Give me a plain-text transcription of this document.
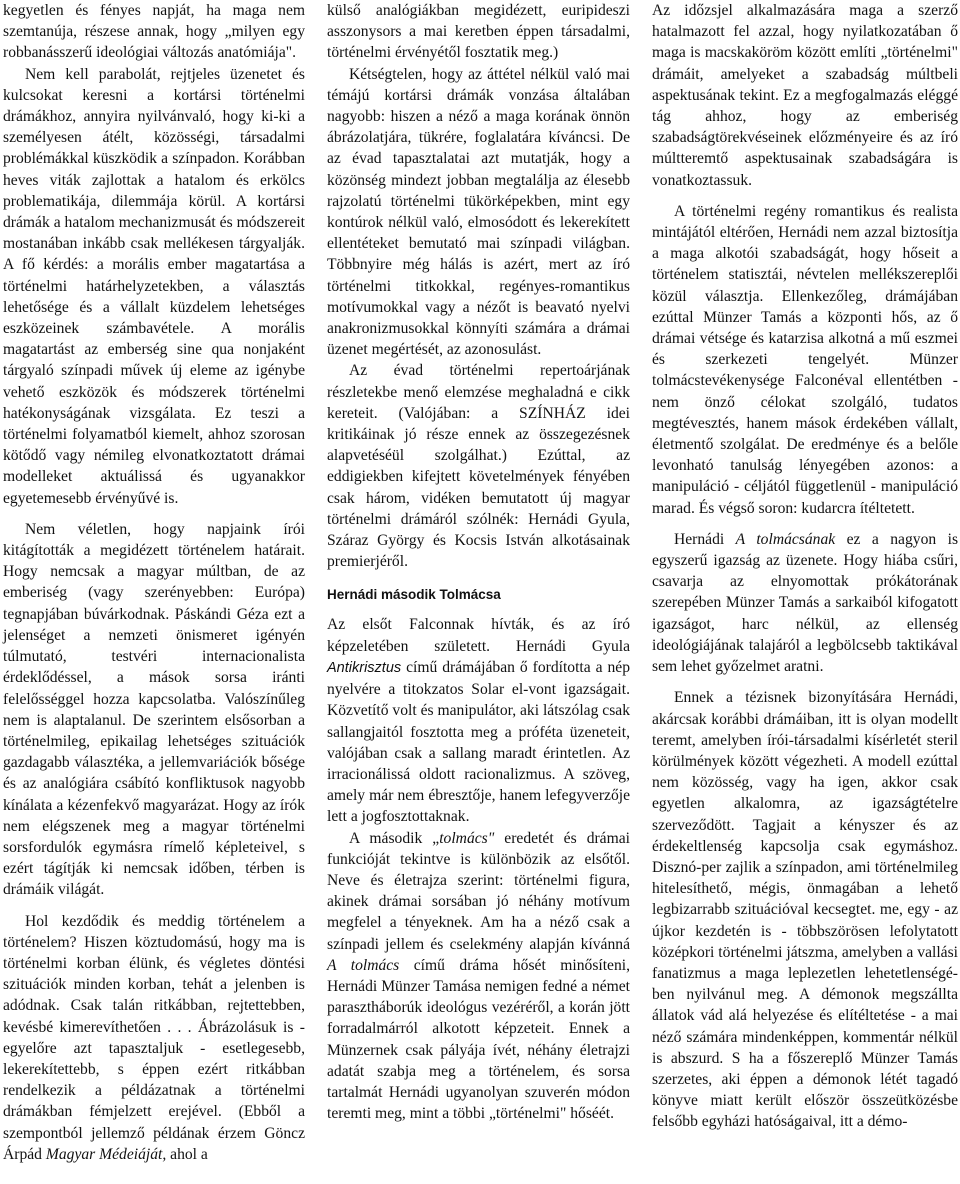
kegyetlen és fényes napját, ha maga nem szemtanúja, részese annak, hogy „milyen egy robbanásszerű ideológiai változás anatómiája".

Nem kell parabolát, rejtjeles üzenetet és kulcsokat keresni a kortársi történelmi drámákhoz, annyira nyilvánvaló, hogy ki-ki a személyesen átélt, közösségi, társadalmi problémákkal küszködik a színpadon. Korábban heves viták zajlottak a hatalom és erkölcs problematikája, dilemmája körül. A kortársi drámák a hatalom mechanizmusát és módszereit mostanában inkább csak mellékesen tárgyalják. A fő kérdés: a morális ember magatartása a történelmi határhelyzetekben, a választás lehetősége és a vállalt küzdelem lehetséges eszközeinek számbavétele. A morális magatartást az emberség sine qua nonjaként tárgyaló színpadi művek új eleme az igénybe vehető eszközök és módszerek történelmi hatékonyságának vizsgálata. Ez teszi a történelmi folyamatból kiemelt, ahhoz szorosan kötődő vagy némileg elvonatkoztatott drámai modelleket aktuálissá és ugyanakkor egyetemesebb érvényűvé is.

Nem véletlen, hogy napjaink írói kitágították a megidézett történelem határait. Hogy nemcsak a magyar múltban, de az emberiség (vagy szerényebben: Európa) tegnapjában búvárkodnak. Páskándi Géza ezt a jelenséget a nemzeti önismeret igényén túlmutató, testvéri internacionalista érdeklődéssel, a mások sorsa iránti felelősséggel hozza kapcsolatba. Valószínűleg nem is alaptalanul. De szerintem elsősorban a történelmileg, epikailag lehetséges szituációk gazdagabb választéka, a jellemvariációk bősége és az analógiára csábító konfliktusok nagyobb kínálata a kézenfekvő magyarázat. Hogy az írók nem elégszenek meg a magyar történelmi sorsfordulók egymásra rímelő képleteivel, s ezért tágítják ki nemcsak időben, térben is drámáik világát.

Hol kezdődik és meddig történelem a történelem? Hiszen köztudomású, hogy ma is történelmi korban élünk, és végletes döntési szituációk minden korban, tehát a jelenben is adódnak. Csak talán ritkábban, rejtettebben, kevésbé kimerevíthetően . . . Ábrázolásuk is - egyelőre azt tapasztaljuk - esetlegesebb, lekerekítettebb, s éppen ezért ritkábban rendelkezik a példázatnak a történelmi drámákban fémjelzett erejével. (Ebből a szempontból jellemző példának érzem Göncz Árpád Magyar Médeiáját, ahol a

külső analógiákban megidézett, euripideszi asszonysors a mai keretben éppen társadalmi, történelmi érvényétől fosztatik meg.)

Kétségtelen, hogy az áttétel nélkül való mai témájú kortársi drámák vonzása általában nagyobb: hiszen a néző a maga korának önnön ábrázolatjára, tükrére, foglalatára kíváncsi. De az évad tapasztalatai azt mutatják, hogy a közönség mindezt jobban megtalálja az élesebb rajzolatú történelmi tükörképekben, mint egy kontúrok nélkül való, elmosódott és lekerekített ellentéteket bemutató mai színpadi világban. Többnyire még hálás is azért, mert az író történelmi titkokkal, regényes-romantikus motívumokkal vagy a nézőt is beavató nyelvi anakronizmusokkal könnyíti számára a drámai üzenet megértését, az azonosulást.

Az évad történelmi repertoárjának részletekbe menő elemzése meghaladná e cikk kereteit. (Valójában: a SZÍNHÁZ idei kritikáinak jó része ennek az összegezésnek alapvetéséül szolgálhat.) Ezúttal, az eddigiekben kifejtett követelmények fényében csak három, vidéken bemutatott új magyar történelmi drámáról szólnék: Hernádi Gyula, Száraz György és Kocsis István alkotásainak premierjéről.

Hernádi második Tolmácsa

Az elsőt Falconnak hívták, és az író képzeletében született. Hernádi Gyula Antikrisztus című drámájában ő fordította a nép nyelvére a titokzatos Solar el-vont igazságait. Közvetítő volt és manipulátor, aki látszólag csak sallangjaitól fosztotta meg a próféta üzeneteit, valójában csak a sallang maradt érintetlen. Az irracionálissá oldott racionalizmus. A szöveg, amely már nem ébresztője, hanem lefegyverzője lett a jogfosztottaknak.

A második „tolmács" eredetét és drámai funkcióját tekintve is különbözik az elsőtől. Neve és életrajza szerint: történelmi figura, akinek drámai sorsában jó néhány motívum megfelel a tényeknek. Am ha a néző csak a színpadi jellem és cselekmény alapján kívánná A tolmács című dráma hősét minősíteni, Hernádi Münzer Tamása nemigen fedné a német parasztháborúk ideológus vezéréről, a korán jött forradalmárról alkotott képzeteit. Ennek a Münzernek csak pályája ívét, néhány életrajzi adatát szabja meg a történelem, és sorsa tartalmát Hernádi ugyanolyan szuverén módon teremti meg, mint a többi „történelmi" hőséét.

Az időzsjel alkalmazására maga a szerző hatalmazott fel azzal, hogy nyilatkozatában ő maga is macskaköröm között említi „történelmi" drámáit, amelyeket a szabadság múltbeli aspektusának tekint. Ez a megfogalmazás eléggé tág ahhoz, hogy az emberiség szabadságtörekvéseinek előzményeire és az író múltteremtő aspektusainak szabadságára is vonatkoztassuk.

A történelmi regény romantikus és realista mintájától eltérően, Hernádi nem azzal biztosítja a maga alkotói szabadságát, hogy hőseit a történelem statisztái, névtelen mellékszereplői közül választja. Ellenkezőleg, drámájában ezúttal Münzer Tamás a központi hős, az ő drámai vétsége és katarzisa alkotná a mű eszmei és szerkezeti tengelyét. Münzer tolmácstevékenysége Falconéval ellentétben - nem önző célokat szolgáló, tudatos megtévesztés, hanem mások érdekében vállalt, életmentő szolgálat. De eredménye és a belőle levonható tanulság lényegében azonos: a manipuláció - céljától függetlenül - manipuláció marad. És végső soron: kudarcra ítéltetett.

Hernádi A tolmácsának ez a nagyon is egyszerű igazság az üzenete. Hogy hiába csűri, csavarja az elnyomottak prókátorának szerepében Münzer Tamás a sarkaiból kifogatott igazságot, harc nélkül, az ellenség ideológiájának talajáról a legbölcsebb taktikával sem lehet győzelmet aratni.

Ennek a tézisnek bizonyítására Hernádi, akárcsak korábbi drámáiban, itt is olyan modellt teremt, amelyben írói-társadalmi kísérletét steril körülmények között végezheti. A modell ezúttal nem közösség, vagy ha igen, akkor csak egyetlen alkalomra, az igazságtételre szerveződött. Tagjait a kényszer és az érdekeltlenség kapcsolja csak egymáshoz. Disznó-per zajlik a színpadon, ami történelmileg hitelesíthető, mégis, önmagában a lehető legbizarrabb szituációval kecsegtet. me, egy - az újkor kezdetén is - többszörösen lefolytatott középkori történelmi játszma, amelyben a vallási fanatizmus a maga leplezetlen lehetetlenségé-ben nyilvánul meg. A démonok megszállta állatok vád alá helyezése és elítéltetése - a mai néző számára mindenképpen, kommentár nélkül is abszurd. S ha a főszereplő Münzer Tamás szerzetes, aki éppen a démonok létét tagadó könyve miatt került először összeütközésbe felsőbb egyházi hatóságaival, itt a démo-
